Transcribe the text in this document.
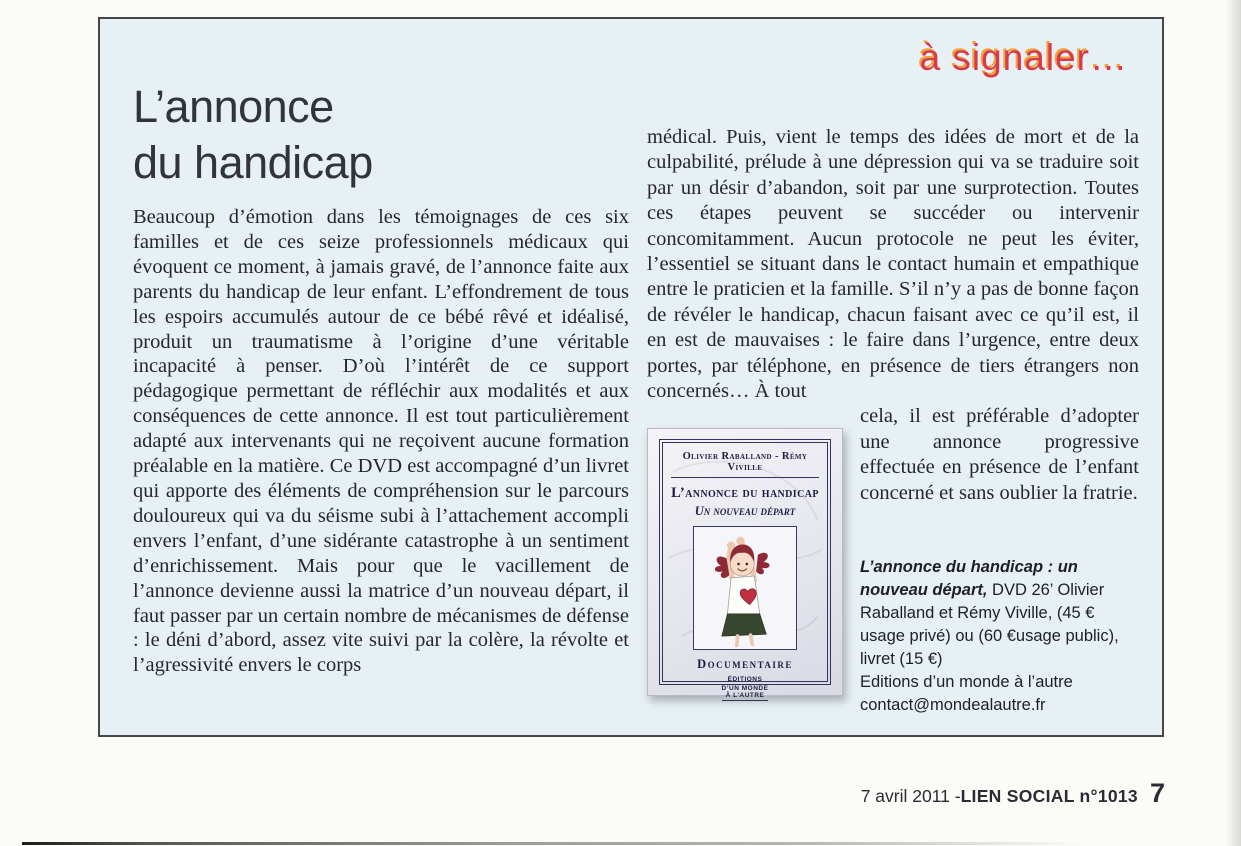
à signaler…
L’annonce
du handicap

Beaucoup d’émotion dans les témoignages de ces six familles et de ces seize professionnels médicaux qui évoquent ce moment, à jamais gravé, de l’annonce faite aux parents du handicap de leur enfant. L’effondrement de tous les espoirs accumulés autour de ce bébé rêvé et idéalisé, produit un traumatisme à l’origine d’une véritable incapacité à penser. D’où l’intérêt de ce support pédagogique permettant de réfléchir aux modalités et aux conséquences de cette annonce. Il est tout particulièrement adapté aux intervenants qui ne reçoivent aucune formation préalable en la matière. Ce DVD est accompagné d’un livret qui apporte des éléments de compréhension sur le parcours douloureux qui va du séisme subi à l’attachement accompli envers l’enfant, d’une sidérante catastrophe à un sentiment d’enrichissement. Mais pour que le vacillement de l’annonce devienne aussi la matrice d’un nouveau départ, il faut passer par un certain nombre de mécanismes de défense : le déni d’abord, assez vite suivi par la colère, la révolte et l’agressivité envers le corps

médical. Puis, vient le temps des idées de mort et de la culpabilité, prélude à une dépression qui va se traduire soit par un désir d’abandon, soit par une surprotection. Toutes ces étapes peuvent se succéder ou intervenir concomitamment. Aucun protocole ne peut les éviter, l’essentiel se situant dans le contact humain et empathique entre le praticien et la famille. S’il n’y a pas de bonne façon de révéler le handicap, chacun faisant avec ce qu’il est, il en est de mauvaises : le faire dans l’urgence, entre deux portes, par téléphone, en présence de tiers étrangers non concernés… À tout

Olivier Raballand - Rémy Viville
L’annonce du handicap
Un nouveau départ
Documentaire
ÉDITIONS
D’UN MONDE
À L’AUTRE

cela, il est préférable d’adopter une annonce progressive effectuée en présence de l’enfant concerné et sans oublier la fratrie.

L’annonce du handicap : un nouveau départ, DVD 26’ Olivier Raballand et Rémy Viville, (45 € usage privé) ou (60 €usage public), livret (15 €)

Editions d’un monde à l’autre
contact@mondealautre.fr
7 avril 2011 - LIEN SOCIAL n°1013 7
